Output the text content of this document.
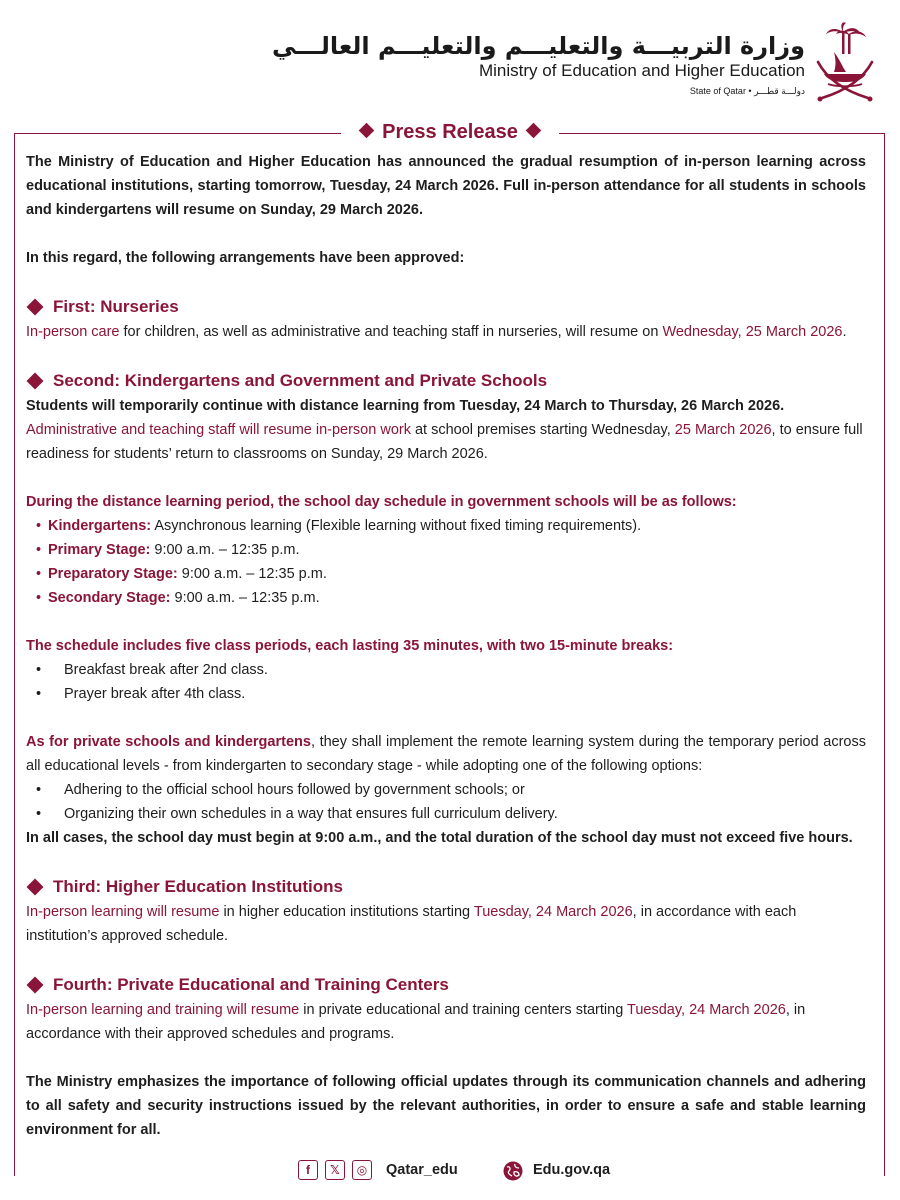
وزارة التربيـــة والتعليـــم والتعليـــم العالـــي
Ministry of Education and Higher Education
State of Qatar • دولـــة قطـــر
Press Release

The Ministry of Education and Higher Education has announced the gradual resumption of in-person learning across educational institutions, starting tomorrow, Tuesday, 24 March 2026. Full in-person attendance for all students in schools and kindergartens will resume on Sunday, 29 March 2026.

In this regard, the following arrangements have been approved:

First: Nurseries

In-person care for children, as well as administrative and teaching staff in nurseries, will resume on Wednesday, 25 March 2026.

Second: Kindergartens and Government and Private Schools

Students will temporarily continue with distance learning from Tuesday, 24 March to Thursday, 26 March 2026.

Administrative and teaching staff will resume in-person work at school premises starting Wednesday, 25 March 2026, to ensure full readiness for students’ return to classrooms on Sunday, 29 March 2026.

During the distance learning period, the school day schedule in government schools will be as follows:

• Kindergartens: Asynchronous learning (Flexible learning without fixed timing requirements).
• Primary Stage: 9:00 a.m. – 12:35 p.m.
• Preparatory Stage: 9:00 a.m. – 12:35 p.m.
• Secondary Stage: 9:00 a.m. – 12:35 p.m.

The schedule includes five class periods, each lasting 35 minutes, with two 15-minute breaks:

• Breakfast break after 2nd class.
• Prayer break after 4th class.

As for private schools and kindergartens, they shall implement the remote learning system during the temporary period across all educational levels - from kindergarten to secondary stage - while adopting one of the following options:

• Adhering to the official school hours followed by government schools; or
• Organizing their own schedules in a way that ensures full curriculum delivery.

In all cases, the school day must begin at 9:00 a.m., and the total duration of the school day must not exceed five hours.

Third: Higher Education Institutions

In-person learning will resume in higher education institutions starting Tuesday, 24 March 2026, in accordance with each institution’s approved schedule.

Fourth: Private Educational and Training Centers

In-person learning and training will resume in private educational and training centers starting Tuesday, 24 March 2026, in accordance with their approved schedules and programs.

The Ministry emphasizes the importance of following official updates through its communication channels and adhering to all safety and security instructions issued by the relevant authorities, in order to ensure a safe and stable learning environment for all.

f	𝕏	◎	Qatar_edu	Edu.gov.qa
